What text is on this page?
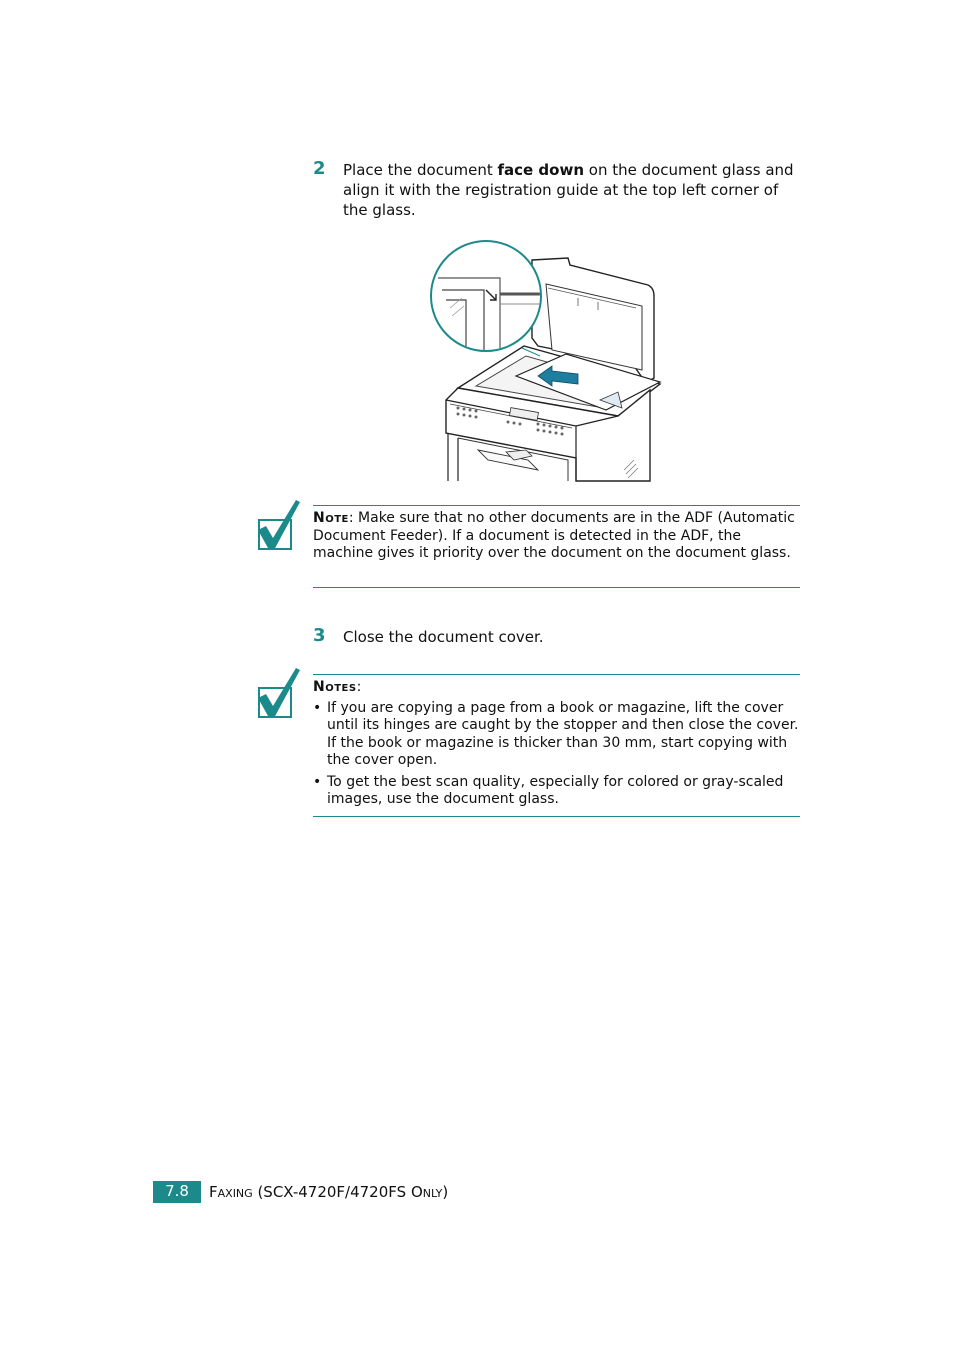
2 Place the document face down on the document glass and align it with the registration guide at the top left corner of the glass.
Note: Make sure that no other documents are in the ADF (Automatic Document Feeder). If a document is detected in the ADF, the machine gives it priority over the document on the document glass.
3 Close the document cover.
Notes:
• If you are copying a page from a book or magazine, lift the cover until its hinges are caught by the stopper and then close the cover. If the book or magazine is thicker than 30 mm, start copying with the cover open.
• To get the best scan quality, especially for colored or gray-scaled images, use the document glass.
7.8	Faxing (SCX-4720F/4720FS Only)
